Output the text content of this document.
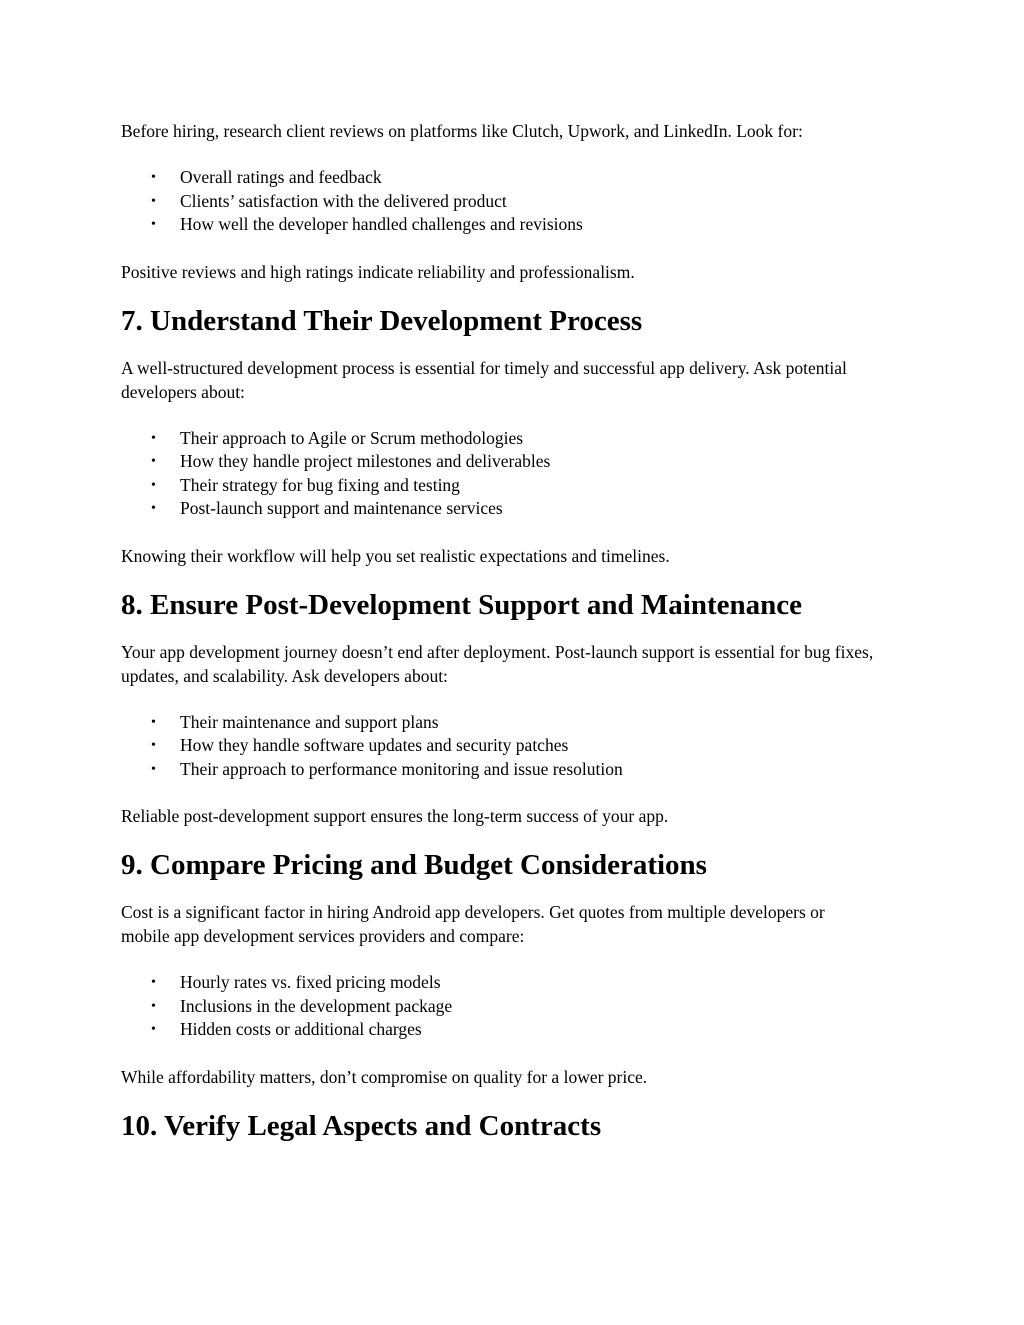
Before hiring, research client reviews on platforms like Clutch, Upwork, and LinkedIn. Look for:

• Overall ratings and feedback
• Clients’ satisfaction with the delivered product
• How well the developer handled challenges and revisions

Positive reviews and high ratings indicate reliability and professionalism.

7. Understand Their Development Process

A well-structured development process is essential for timely and successful app delivery. Ask potential developers about:

• Their approach to Agile or Scrum methodologies
• How they handle project milestones and deliverables
• Their strategy for bug fixing and testing
• Post-launch support and maintenance services

Knowing their workflow will help you set realistic expectations and timelines.

8. Ensure Post-Development Support and Maintenance

Your app development journey doesn’t end after deployment. Post-launch support is essential for bug fixes, updates, and scalability. Ask developers about:

• Their maintenance and support plans
• How they handle software updates and security patches
• Their approach to performance monitoring and issue resolution

Reliable post-development support ensures the long-term success of your app.

9. Compare Pricing and Budget Considerations

Cost is a significant factor in hiring Android app developers. Get quotes from multiple developers or mobile app development services providers and compare:

• Hourly rates vs. fixed pricing models
• Inclusions in the development package
• Hidden costs or additional charges

While affordability matters, don’t compromise on quality for a lower price.

10. Verify Legal Aspects and Contracts
